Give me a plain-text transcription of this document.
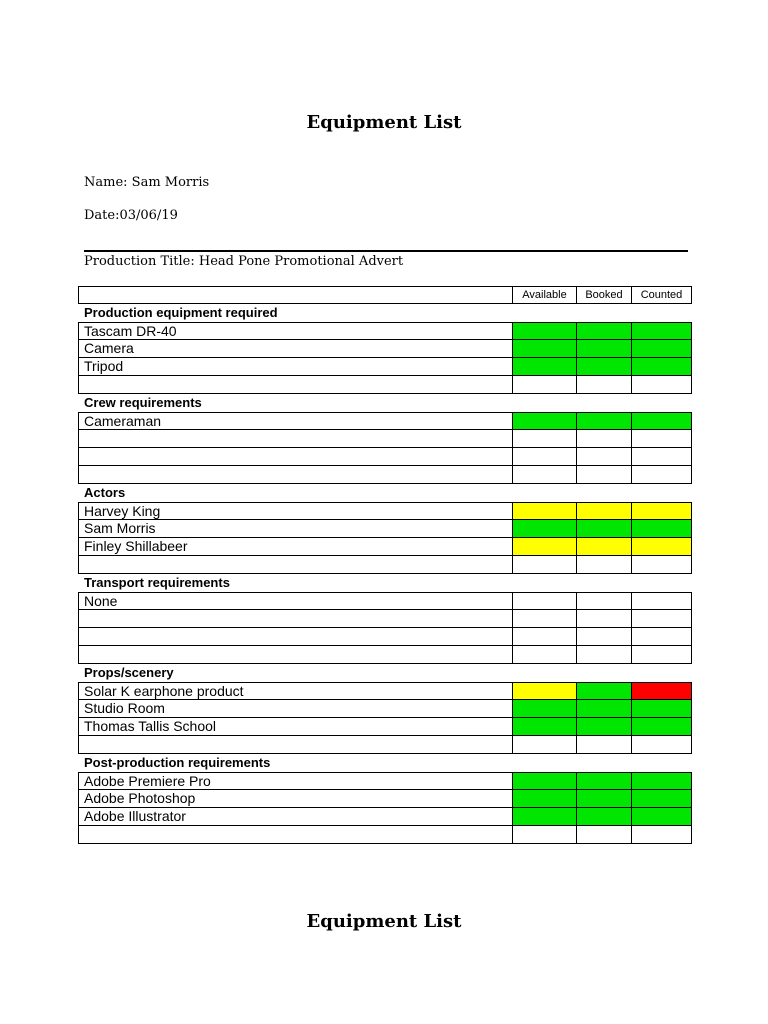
Equipment List
Name: Sam Morris
Date:03/06/19
Production Title: Head Pone Promotional Advert
Available	Booked	Counted
Production equipment required
Tascam DR-40
Camera
Tripod
Crew requirements
Cameraman
Actors
Harvey King
Sam Morris
Finley Shillabeer
Transport requirements
None
Props/scenery
Solar K earphone product
Studio Room
Thomas Tallis School
Post-production requirements
Adobe Premiere Pro
Adobe Photoshop
Adobe Illustrator
Equipment List
